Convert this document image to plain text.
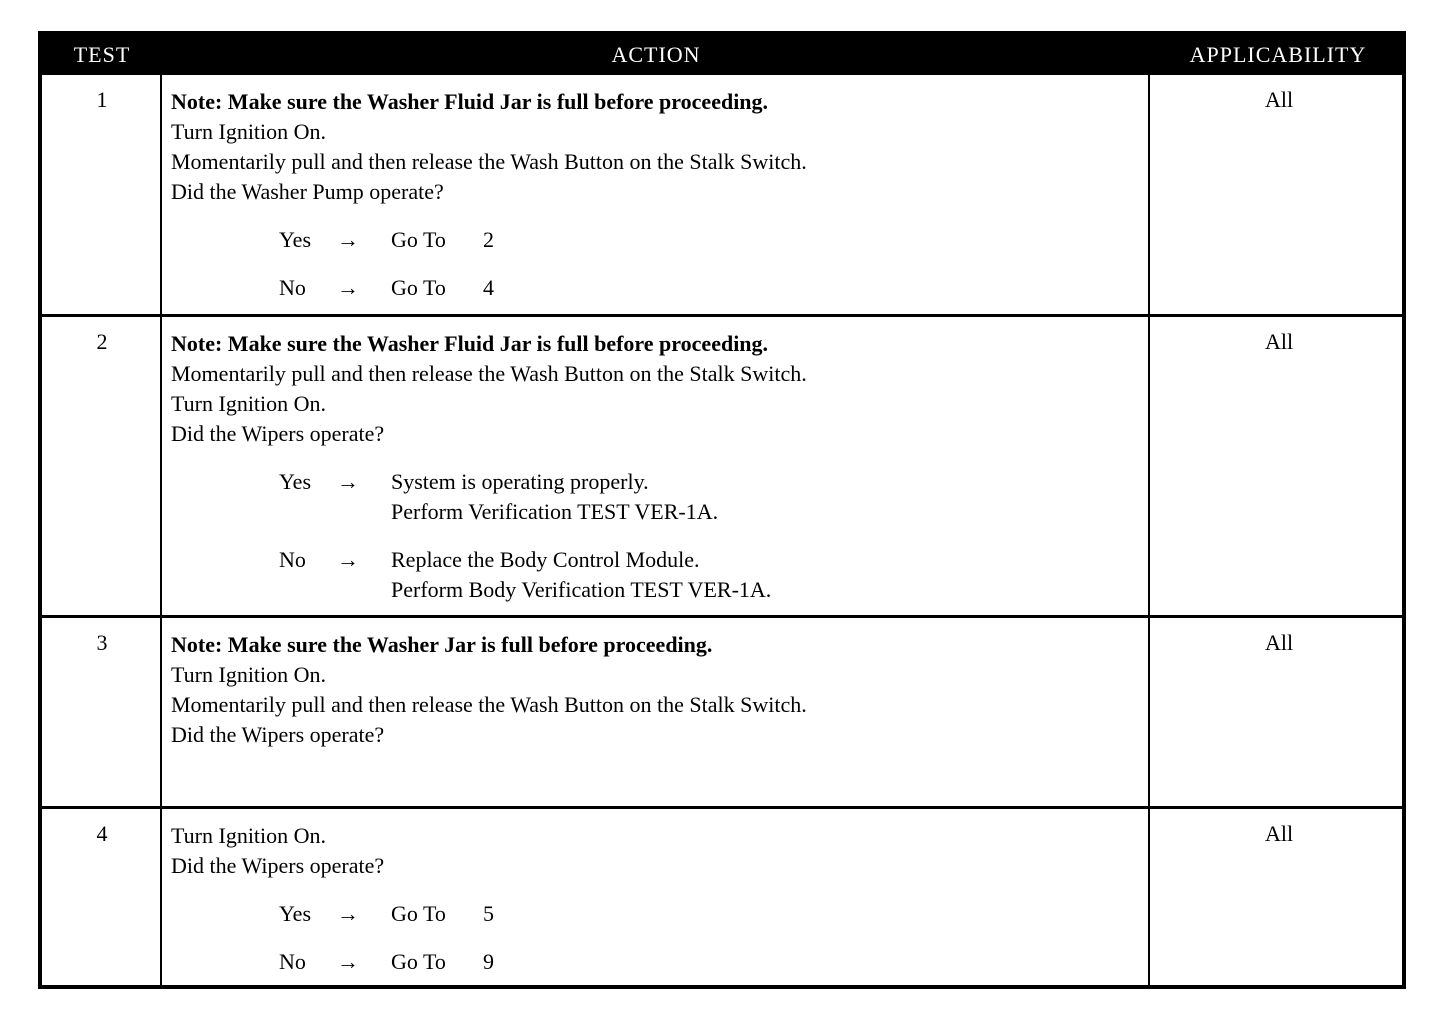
TEST	ACTION	APPLICABILITY
1	Note: Make sure the Washer Fluid Jar is full before proceeding.
Turn Ignition On.
Momentarily pull and then release the Wash Button on the Stalk Switch.
Did the Washer Pump operate?
Yes	→	Go To	2
No	→	Go To	4
All
2	Note: Make sure the Washer Fluid Jar is full before proceeding.
Momentarily pull and then release the Wash Button on the Stalk Switch.
Turn Ignition On.
Did the Wipers operate?
Yes	→	System is operating properly.
Perform Verification TEST VER-1A.
No	→	Replace the Body Control Module.
Perform Body Verification TEST VER-1A.
All
3	Note: Make sure the Washer Jar is full before proceeding.
Turn Ignition On.
Momentarily pull and then release the Wash Button on the Stalk Switch.
Did the Wipers operate?
All
4	Turn Ignition On.
Did the Wipers operate?
Yes	→	Go To	5
No	→	Go To	9
All
